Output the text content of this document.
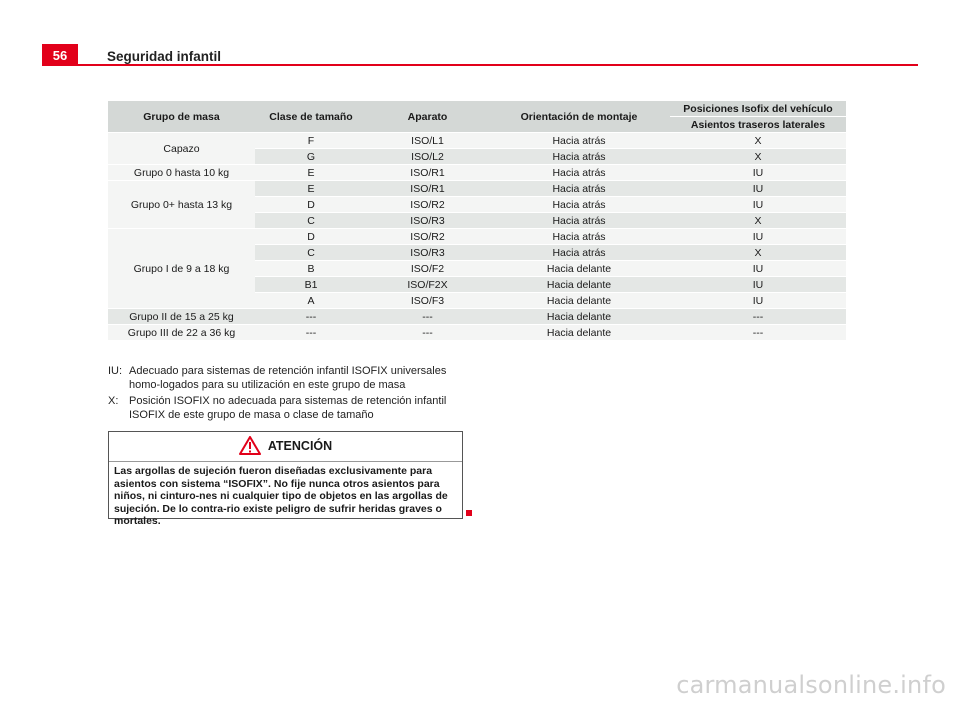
56	Seguridad infantil
Grupo de masa	Clase de tamaño	Aparato	Orientación de montaje	Posiciones Isofix del vehículo
				Asientos traseros laterales
Capazo	F	ISO/L1	Hacia atrás	X
	G	ISO/L2	Hacia atrás	X
Grupo 0 hasta 10 kg	E	ISO/R1	Hacia atrás	IU
Grupo 0+ hasta 13 kg	E	ISO/R1	Hacia atrás	IU
	D	ISO/R2	Hacia atrás	IU
	C	ISO/R3	Hacia atrás	X
Grupo I de 9 a 18 kg	D	ISO/R2	Hacia atrás	IU
	C	ISO/R3	Hacia atrás	X
	B	ISO/F2	Hacia delante	IU
	B1	ISO/F2X	Hacia delante	IU
	A	ISO/F3	Hacia delante	IU
Grupo II de 15 a 25 kg	---	---	Hacia delante	---
Grupo III de 22 a 36 kg	---	---	Hacia delante	---
IU: Adecuado para sistemas de retención infantil ISOFIX universales homo-logados para su utilización en este grupo de masa
X: Posición ISOFIX no adecuada para sistemas de retención infantil ISOFIX de este grupo de masa o clase de tamaño
ATENCIÓN
Las argollas de sujeción fueron diseñadas exclusivamente para asientos con sistema “ISOFIX”. No fije nunca otros asientos para niños, ni cinturo-nes ni cualquier tipo de objetos en las argollas de sujeción. De lo contra-rio existe peligro de sufrir heridas graves o mortales.
carmanualsonline.info
